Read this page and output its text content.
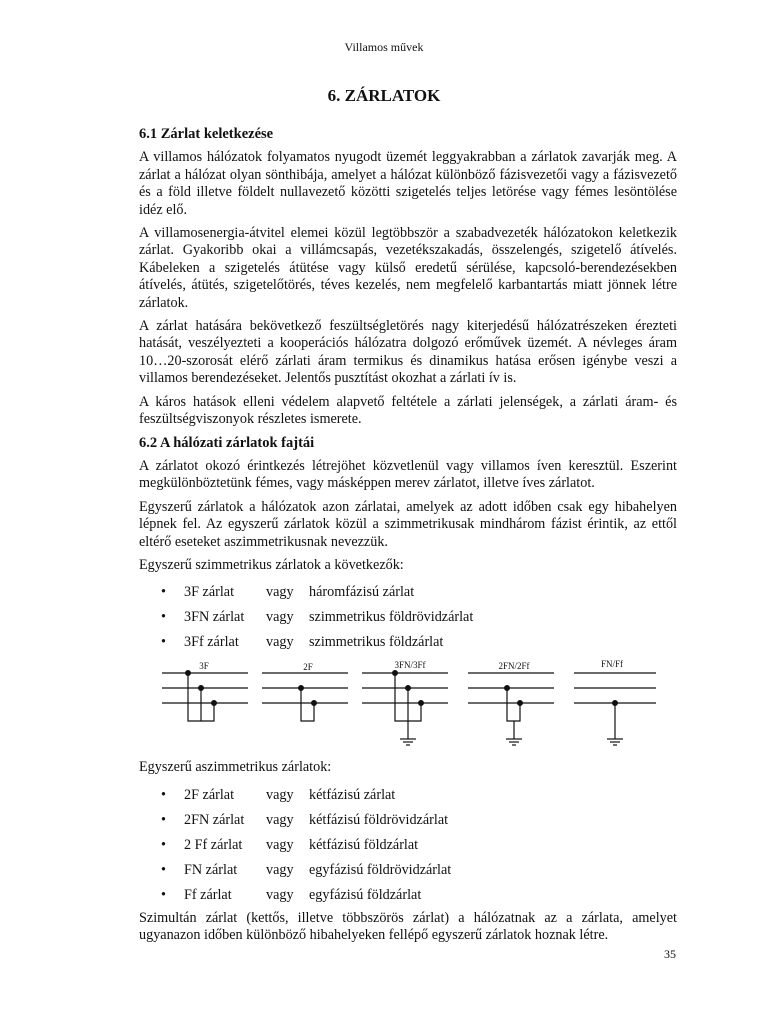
Villamos művek
6. ZÁRLATOK
6.1 Zárlat keletkezése

A villamos hálózatok folyamatos nyugodt üzemét leggyakrabban a zárlatok zavarják meg. A zárlat a hálózat olyan sönthibája, amelyet a hálózat különböző fázisvezetői vagy a fázisvezető és a föld illetve földelt nullavezető közötti szigetelés teljes letörése vagy fémes lesöntölése idéz elő.

A villamosenergia-átvitel elemei közül legtöbbször a szabadvezeték hálózatokon keletkezik zárlat. Gyakoribb okai a villámcsapás, vezetékszakadás, összelengés, szigetelő átívelés. Kábeleken a szigetelés átütése vagy külső eredetű sérülése, kapcsoló-berendezésekben átívelés, átütés, szigetelőtörés, téves kezelés, nem megfelelő karbantartás miatt jönnek létre zárlatok.

A zárlat hatására bekövetkező feszültségletörés nagy kiterjedésű hálózatrészeken érezteti hatását, veszélyezteti a kooperációs hálózatra dolgozó erőművek üzemét. A névleges áram 10…20-szorosát elérő zárlati áram termikus és dinamikus hatása erősen igénybe veszi a villamos berendezéseket. Jelentős pusztítást okozhat a zárlati ív is.

A káros hatások elleni védelem alapvető feltétele a zárlati jelenségek, a zárlati áram- és feszültségviszonyok részletes ismerete.

6.2 A hálózati zárlatok fajtái

A zárlatot okozó érintkezés létrejöhet közvetlenül vagy villamos íven keresztül. Eszerint megkülönböztetünk fémes, vagy másképpen merev zárlatot, illetve íves zárlatot.

Egyszerű zárlatok a hálózatok azon zárlatai, amelyek az adott időben csak egy hibahelyen lépnek fel. Az egyszerű zárlatok közül a szimmetrikusak mindhárom fázist érintik, az ettől eltérő eseteket aszimmetrikusnak nevezzük.

Egyszerű szimmetrikus zárlatok a következők:

• 3F zárlat vagy háromfázisú zárlat
• 3FN zárlat vagy szimmetrikus földrövidzárlat
• 3Ff zárlat vagy szimmetrikus földzárlat
3F	2F	3FN/3Ff	2FN/2Ff	FN/Ff

Egyszerű aszimmetrikus zárlatok:

• 2F zárlat vagy kétfázisú zárlat
• 2FN zárlat vagy kétfázisú földrövidzárlat
• 2 Ff zárlat vagy kétfázisú földzárlat
• FN zárlat vagy egyfázisú földrövidzárlat
• Ff zárlat vagy egyfázisú földzárlat

Szimultán zárlat (kettős, illetve többszörös zárlat) a hálózatnak az a zárlata, amelyet ugyanazon időben különböző hibahelyeken fellépő egyszerű zárlatok hoznak létre.

35
